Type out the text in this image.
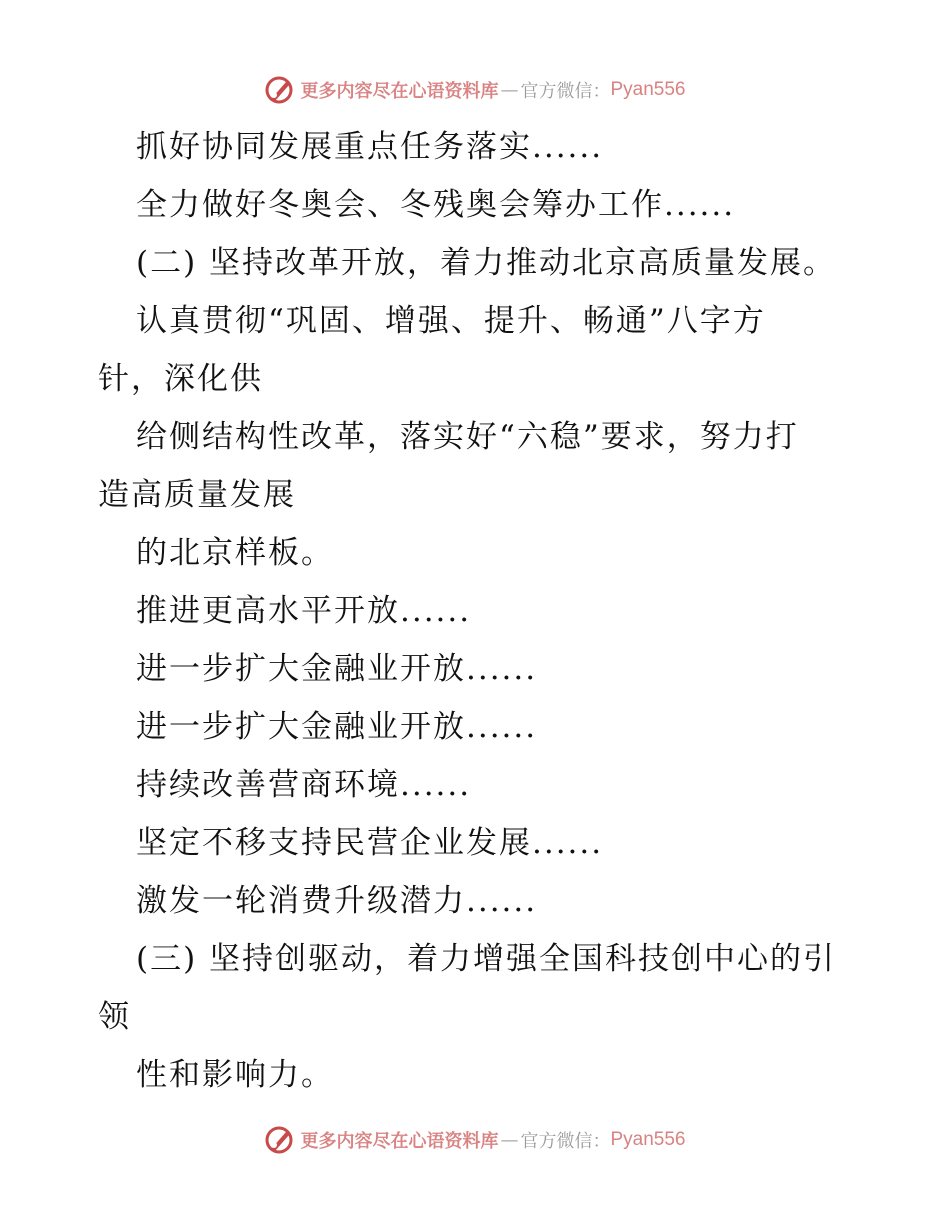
更多内容尽在心语资料库 — 官方微信： Pyan556
抓好协同发展重点任务落实......
全力做好冬奥会、冬残奥会筹办工作......
(二) 坚持改革开放，着力推动北京高质量发展。
认真贯彻“巩固、增强、提升、畅通”八字方
针，深化供
给侧结构性改革，落实好“六稳”要求，努力打
造高质量发展
的北京样板。
推进更高水平开放......
进一步扩大金融业开放......
进一步扩大金融业开放......
持续改善营商环境......
坚定不移支持民营企业发展......
激发一轮消费升级潜力......
(三) 坚持创驱动，着力增强全国科技创中心的引
领
性和影响力。
更多内容尽在心语资料库 — 官方微信： Pyan556
